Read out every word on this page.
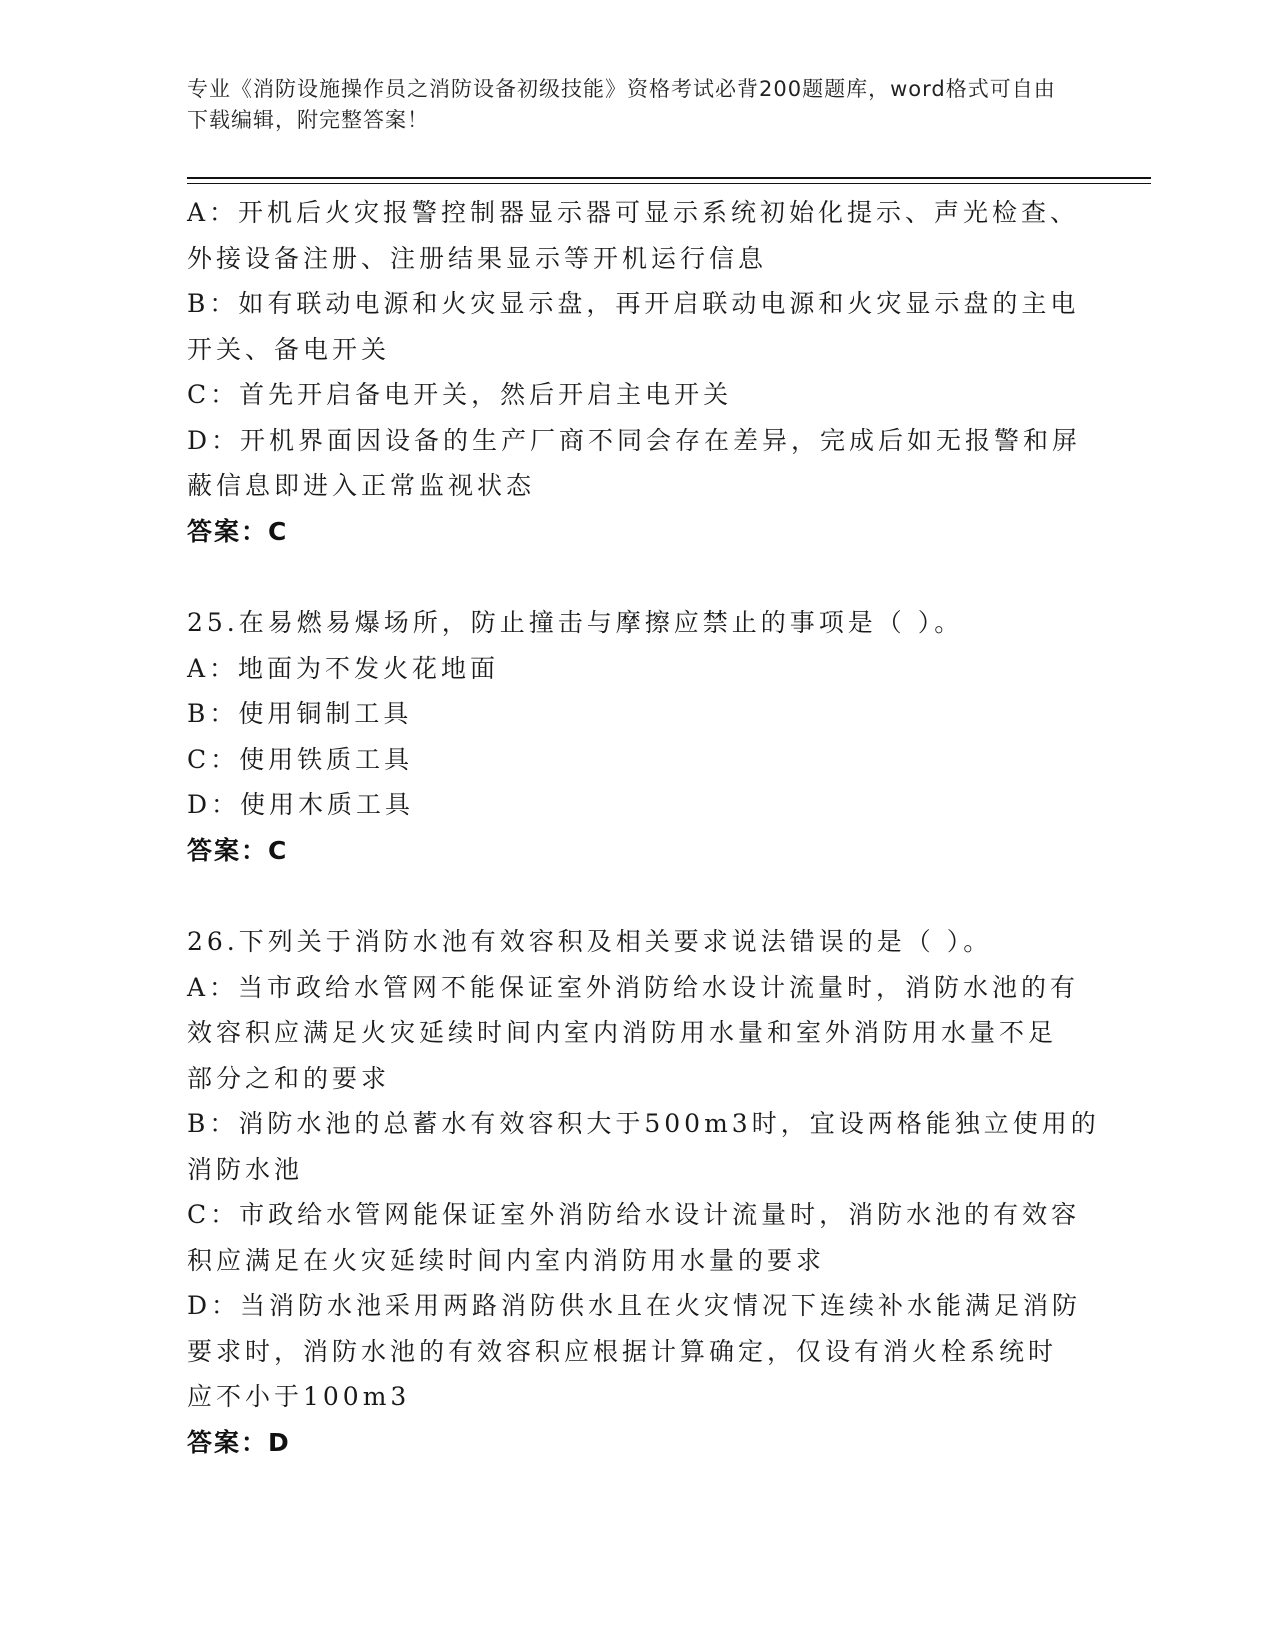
专业《消防设施操作员之消防设备初级技能》资格考试必背200题题库，word格式可自由下载编辑，附完整答案！
A：开机后火灾报警控制器显示器可显示系统初始化提示、声光检查、
外接设备注册、注册结果显示等开机运行信息
B：如有联动电源和火灾显示盘，再开启联动电源和火灾显示盘的主电
开关、备电开关
C：首先开启备电开关，然后开启主电开关
D：开机界面因设备的生产厂商不同会存在差异，完成后如无报警和屏
蔽信息即进入正常监视状态
答案：C
25.在易燃易爆场所，防止撞击与摩擦应禁止的事项是（ ）。
A：地面为不发火花地面
B：使用铜制工具
C：使用铁质工具
D：使用木质工具
答案：C
26.下列关于消防水池有效容积及相关要求说法错误的是（ ）。
A：当市政给水管网不能保证室外消防给水设计流量时，消防水池的有
效容积应满足火灾延续时间内室内消防用水量和室外消防用水量不足
部分之和的要求
B：消防水池的总蓄水有效容积大于500m3时，宜设两格能独立使用的
消防水池
C：市政给水管网能保证室外消防给水设计流量时，消防水池的有效容
积应满足在火灾延续时间内室内消防用水量的要求
D：当消防水池采用两路消防供水且在火灾情况下连续补水能满足消防
要求时，消防水池的有效容积应根据计算确定，仅设有消火栓系统时
应不小于100m3
答案：D
